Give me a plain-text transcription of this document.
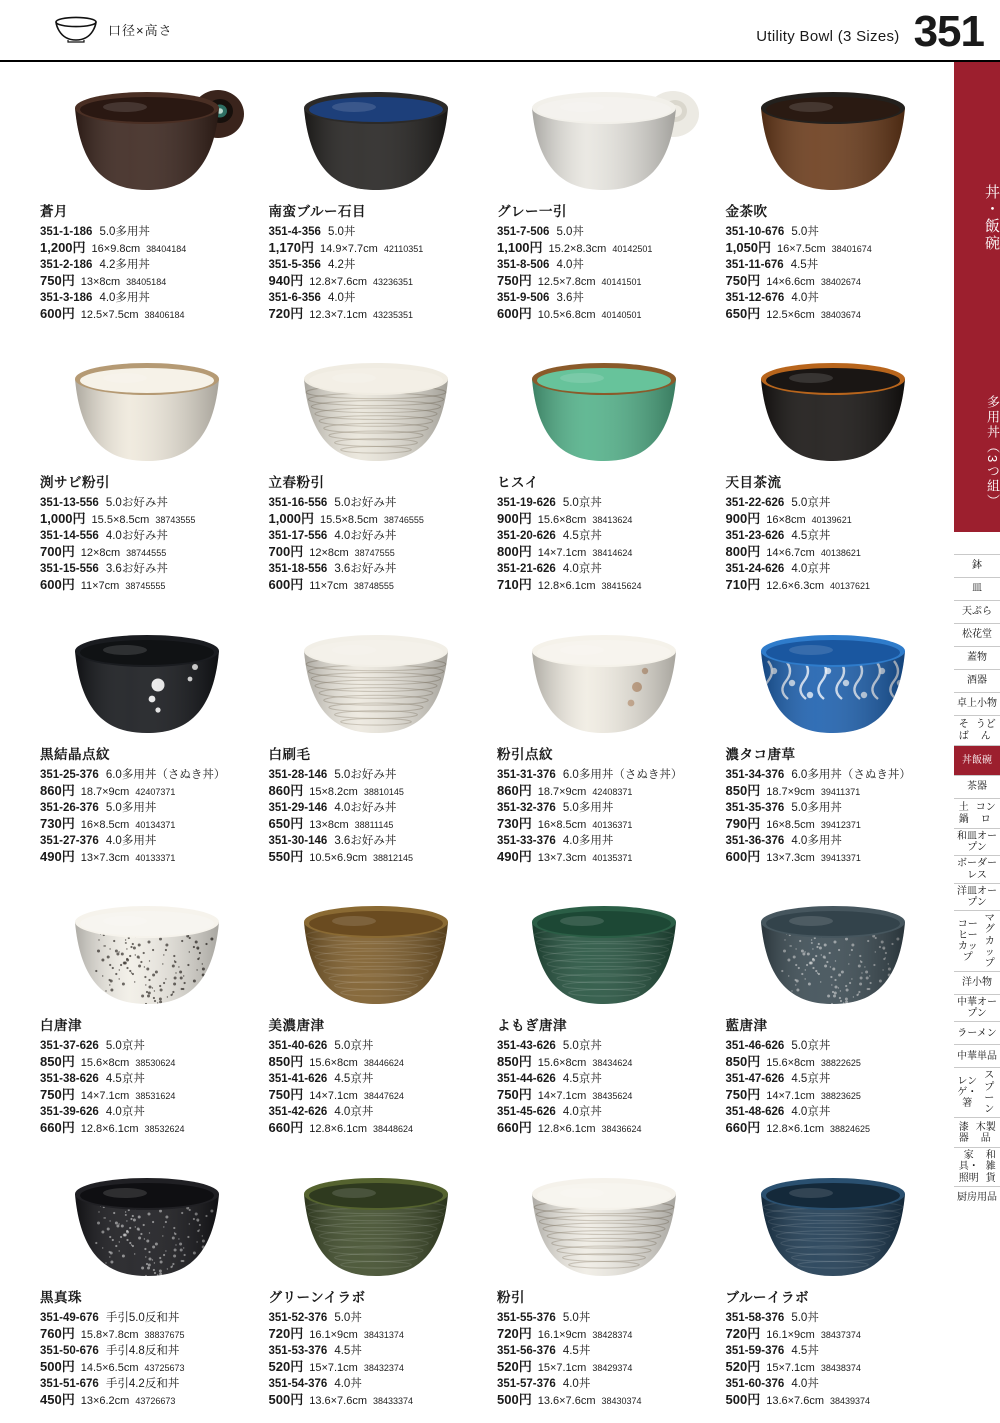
口径×高さ	Utility Bowl (3 Sizes) 351
丼・飯碗
多用丼（3つ組）
鉢
皿
天ぷら
松花堂
蓋物
酒器
卓上小物
そば

うどん
丼 飯碗
茶器
土鍋

コンロ
和皿オープン
ボーダーレス
洋皿オープン
コーヒーカップ

マグカップ
洋小物
中華オープン
ラーメン
中華単品
レンゲ・箸

スプーン
漆器

木製品
家具・照明

和雑貨
厨房用品
蒼月
351-1-186 5.0多用丼
1,200円 16×9.8cm 38404184
351-2-186 4.2多用丼
750円 13×8cm 38405184
351-3-186 4.0多用丼
600円 12.5×7.5cm 38406184
南蛮ブルー石目
351-4-356 5.0丼
1,170円 14.9×7.7cm 42110351
351-5-356 4.2丼
940円 12.8×7.6cm 43236351
351-6-356 4.0丼
720円 12.3×7.1cm 43235351
グレー一引
351-7-506 5.0丼
1,100円 15.2×8.3cm 40142501
351-8-506 4.0丼
750円 12.5×7.8cm 40141501
351-9-506 3.6丼
600円 10.5×6.8cm 40140501
金茶吹
351-10-676 5.0丼
1,050円 16×7.5cm 38401674
351-11-676 4.5丼
750円 14×6.6cm 38402674
351-12-676 4.0丼
650円 12.5×6cm 38403674
渕サビ粉引
351-13-556 5.0お好み丼
1,000円 15.5×8.5cm 38743555
351-14-556 4.0お好み丼
700円 12×8cm 38744555
351-15-556 3.6お好み丼
600円 11×7cm 38745555
立春粉引
351-16-556 5.0お好み丼
1,000円 15.5×8.5cm 38746555
351-17-556 4.0お好み丼
700円 12×8cm 38747555
351-18-556 3.6お好み丼
600円 11×7cm 38748555
ヒスイ
351-19-626 5.0京丼
900円 15.6×8cm 38413624
351-20-626 4.5京丼
800円 14×7.1cm 38414624
351-21-626 4.0京丼
710円 12.8×6.1cm 38415624
天目茶流
351-22-626 5.0京丼
900円 16×8cm 40139621
351-23-626 4.5京丼
800円 14×6.7cm 40138621
351-24-626 4.0京丼
710円 12.6×6.3cm 40137621
黒結晶点紋
351-25-376 6.0多用丼（さぬき丼）
860円 18.7×9cm 42407371
351-26-376 5.0多用丼
730円 16×8.5cm 40134371
351-27-376 4.0多用丼
490円 13×7.3cm 40133371
白刷毛
351-28-146 5.0お好み丼
860円 15×8.2cm 38810145
351-29-146 4.0お好み丼
650円 13×8cm 38811145
351-30-146 3.6お好み丼
550円 10.5×6.9cm 38812145
粉引点紋
351-31-376 6.0多用丼（さぬき丼）
860円 18.7×9cm 42408371
351-32-376 5.0多用丼
730円 16×8.5cm 40136371
351-33-376 4.0多用丼
490円 13×7.3cm 40135371
濃タコ唐草
351-34-376 6.0多用丼（さぬき丼）
850円 18.7×9cm 39411371
351-35-376 5.0多用丼
790円 16×8.5cm 39412371
351-36-376 4.0多用丼
600円 13×7.3cm 39413371
白唐津
351-37-626 5.0京丼
850円 15.6×8cm 38530624
351-38-626 4.5京丼
750円 14×7.1cm 38531624
351-39-626 4.0京丼
660円 12.8×6.1cm 38532624
美濃唐津
351-40-626 5.0京丼
850円 15.6×8cm 38446624
351-41-626 4.5京丼
750円 14×7.1cm 38447624
351-42-626 4.0京丼
660円 12.8×6.1cm 38448624
よもぎ唐津
351-43-626 5.0京丼
850円 15.6×8cm 38434624
351-44-626 4.5京丼
750円 14×7.1cm 38435624
351-45-626 4.0京丼
660円 12.8×6.1cm 38436624
藍唐津
351-46-626 5.0京丼
850円 15.6×8cm 38822625
351-47-626 4.5京丼
750円 14×7.1cm 38823625
351-48-626 4.0京丼
660円 12.8×6.1cm 38824625
黒真珠
351-49-676 手引5.0反和丼
760円 15.8×7.8cm 38837675
351-50-676 手引4.8反和丼
500円 14.5×6.5cm 43725673
351-51-676 手引4.2反和丼
450円 13×6.2cm 43726673
グリーンイラボ
351-52-376 5.0丼
720円 16.1×9cm 38431374
351-53-376 4.5丼
520円 15×7.1cm 38432374
351-54-376 4.0丼
500円 13.6×7.6cm 38433374
粉引
351-55-376 5.0丼
720円 16.1×9cm 38428374
351-56-376 4.5丼
520円 15×7.1cm 38429374
351-57-376 4.0丼
500円 13.6×7.6cm 38430374
ブルーイラボ
351-58-376 5.0丼
720円 16.1×9cm 38437374
351-59-376 4.5丼
520円 15×7.1cm 38438374
351-60-376 4.0丼
500円 13.6×7.6cm 38439374
